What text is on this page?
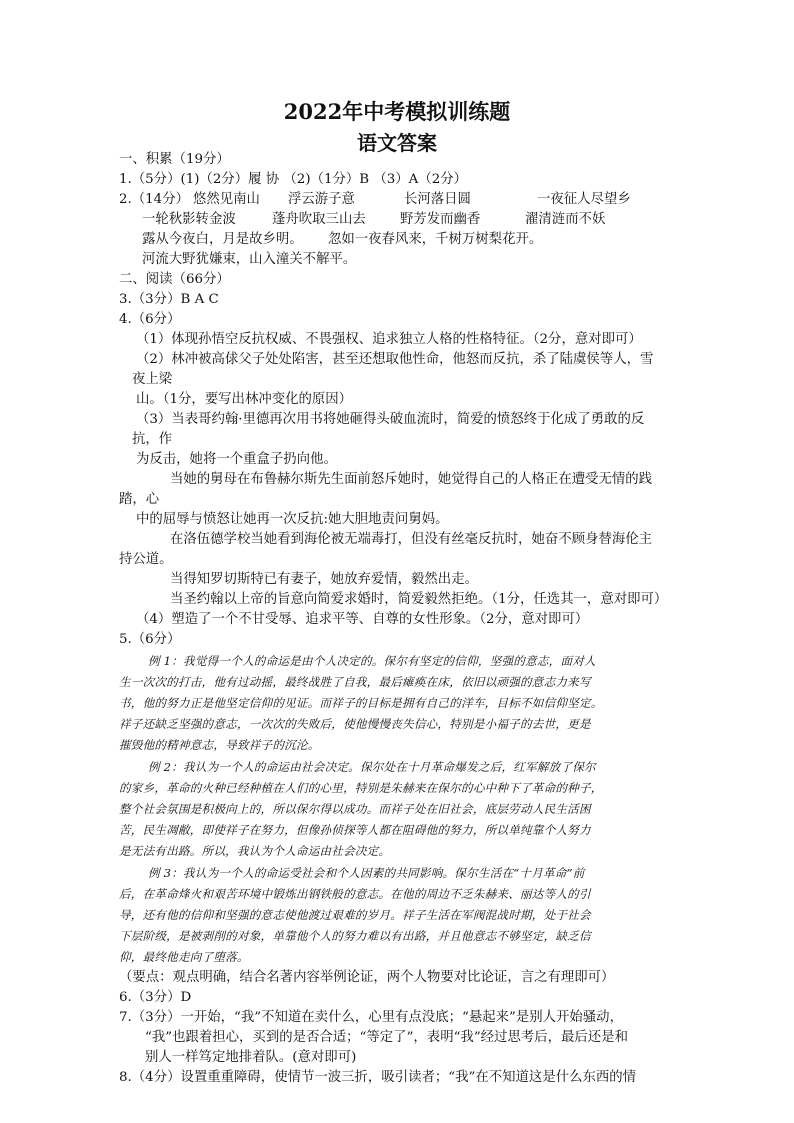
2022年中考模拟训练题
语文答案
一、积累（19分）
1.（5分）(1)（2分）履 协 （2)（1分）B （3）A（2分）
2.（14分） 悠然见南山 浮云游子意	长河落日圆	一夜征人尽望乡
一轮秋影转金波	蓬舟吹取三山去	野芳发而幽香	濯清涟而不妖
露从今夜白，月是故乡明。 忽如一夜春风来，千树万树梨花开。
河流大野犹嫌束，山入潼关不解平。
二、阅读（66分）
3.（3分）B A C
4.（6分）
（1）体现孙悟空反抗权威、不畏强权、追求独立人格的性格特征。（2分，意对即可）
（2）林冲被高俅父子处处陷害，甚至还想取他性命，他怒而反抗，杀了陆虞侯等人，雪
夜上梁
山。（1分，要写出林冲变化的原因）
（3）当表哥约翰·里德再次用书将她砸得头破血流时，简爱的愤怒终于化成了勇敢的反
抗，作
为反击，她将一个重盒子扔向他。
当她的舅母在布鲁赫尔斯先生面前怒斥她时，她觉得自己的人格正在遭受无情的践
踏，心
中的屈辱与愤怒让她再一次反抗:她大胆地责问舅妈。
在洛伍德学校当她看到海伦被无端毒打，但没有丝毫反抗时，她奋不顾身替海伦主
持公道。
当得知罗切斯特已有妻子，她放弃爱情，毅然出走。
当圣约翰以上帝的旨意向简爱求婚时，简爱毅然拒绝。（1分，任选其一，意对即可）
（4）塑造了一个不甘受辱、追求平等、自尊的女性形象。（2分，意对即可）
5.（6分）
例 1：我觉得一个人的命运是由个人决定的。保尔有坚定的信仰，坚强的意志，面对人
生一次次的打击，他有过动摇，最终战胜了自我，最后瘫痪在床，依旧以顽强的意志力来写
书，他的努力正是他坚定信仰的见证。而祥子的目标是拥有自己的洋车，目标不如信仰坚定。
祥子还缺乏坚强的意志，一次次的失败后，使他慢慢丧失信心，特别是小福子的去世，更是
摧毁他的精神意志，导致祥子的沉沦。
例 2：我认为一个人的命运由社会决定。保尔处在十月革命爆发之后，红军解放了保尔
的家乡，革命的火种已经种植在人们的心里，特别是朱赫来在保尔的心中种下了革命的种子，
整个社会氛围是积极向上的，所以保尔得以成功。而祥子处在旧社会，底层劳动人民生活困
苦，民生凋敝，即使祥子在努力，但像孙侦探等人都在阻碍他的努力，所以单纯靠个人努力
是无法有出路。所以，我认为个人命运由社会决定。
例 3：我认为一个人的命运受社会和个人因素的共同影响。保尔生活在“十月革命”前
后，在革命烽火和艰苦环境中锻炼出钢铁般的意志。在他的周边不乏朱赫来、丽达等人的引
导，还有他的信仰和坚强的意志使他渡过艰难的岁月。祥子生活在军阀混战时期，处于社会
下层阶级，是被剥削的对象，单靠他个人的努力难以有出路，并且他意志不够坚定，缺乏信
仰，最终他走向了堕落。
（要点：观点明确，结合名著内容举例论证，两个人物要对比论证，言之有理即可）
6.（3分）D
7.（3分）一开始，“我”不知道在卖什么，心里有点没底；“悬起来”是别人开始骚动，
“我”也跟着担心，买到的是否合适；“等定了”，表明“我”经过思考后，最后还是和
别人一样笃定地排着队。(意对即可)
8.（4分）设置重重障碍，使情节一波三折，吸引读者；“我”在不知道这是什么东西的情
